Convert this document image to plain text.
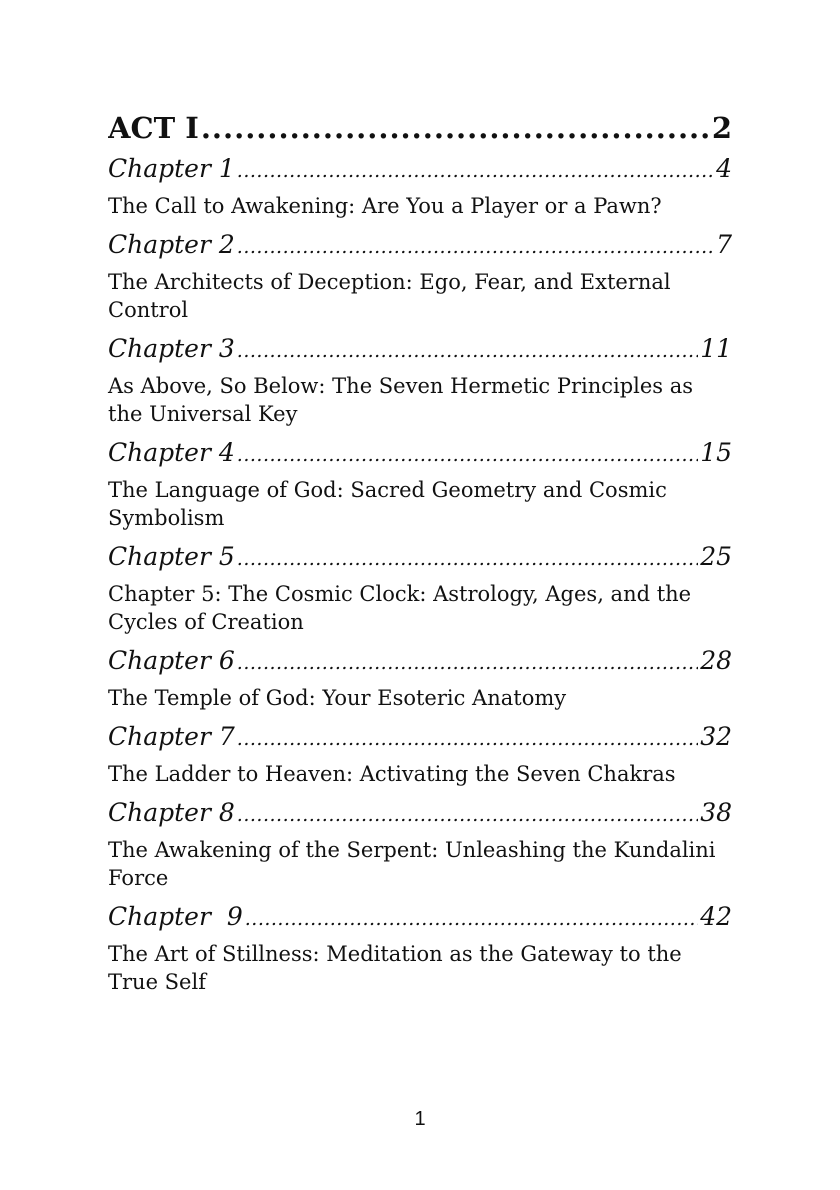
ACT I .....	2
Chapter 1 .....	4
The Call to Awakening: Are You a Player or a Pawn?
Chapter 2 .....	7
The Architects of Deception: Ego, Fear, and External Control
Chapter 3 .....	11
As Above, So Below: The Seven Hermetic Principles as the Universal Key
Chapter 4 .....	15
The Language of God: Sacred Geometry and Cosmic Symbolism
Chapter 5 .....	25
Chapter 5: The Cosmic Clock: Astrology, Ages, and the Cycles of Creation
Chapter 6 .....	28
The Temple of God: Your Esoteric Anatomy
Chapter 7 .....	32
The Ladder to Heaven: Activating the Seven Chakras
Chapter 8 .....	38
The Awakening of the Serpent: Unleashing the Kundalini Force
Chapter  9 .....	42
The Art of Stillness: Meditation as the Gateway to the True Self
1
